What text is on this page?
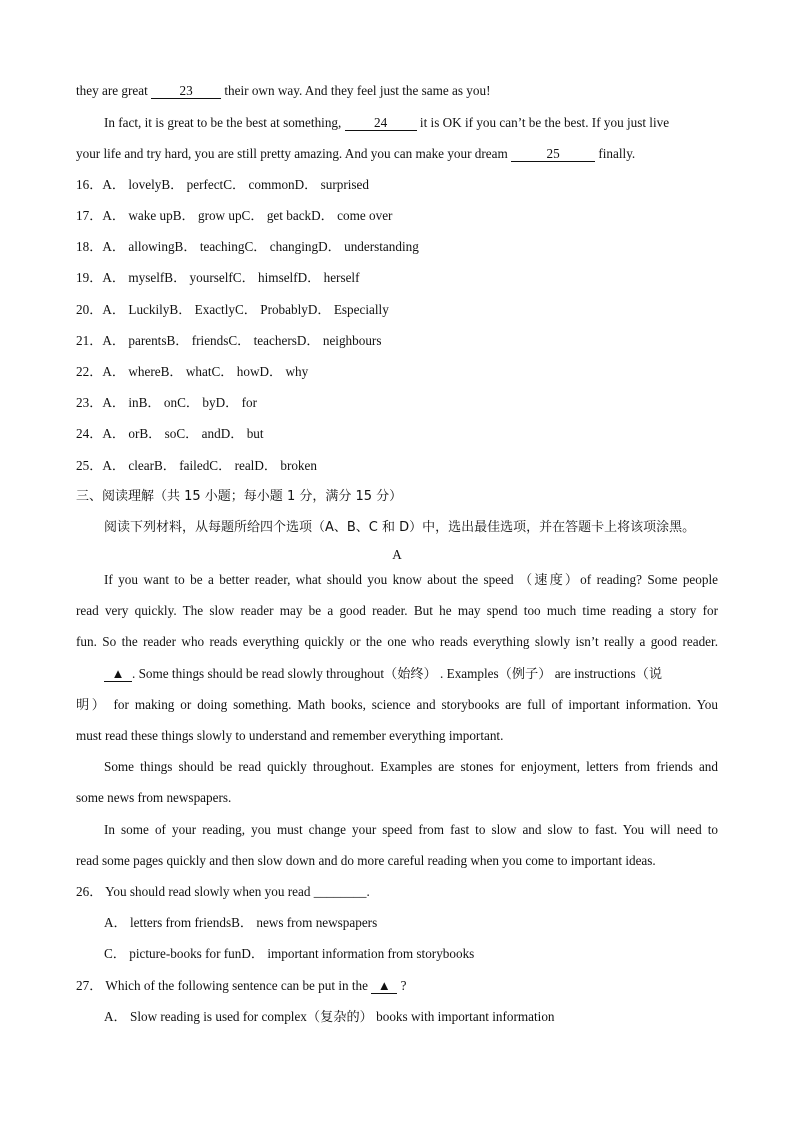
they are great 23 their own way. And they feel just the same as you!
In fact, it is great to be the best at something, 24 it is OK if you can’t be the best. If you just live
your life and try hard, you are still pretty amazing. And you can make your dream	25	finally.
16．A． lovelyB． perfectC． commonD． surprised
17．A． wake upB． grow upC． get backD． come over
18．A． allowingB． teachingC． changingD． understanding
19．A． myselfB． yourselfC． himselfD． herself
20．A． LuckilyB． ExactlyC． ProbablyD． Especially
21．A． parentsB． friendsC． teachersD． neighbours
22．A． whereB． whatC． howD． why
23．A． inB． onC． byD． for
24．A． orB． soC． andD． but
25．A． clearB． failedC． realD． broken
三、阅读理解（共 15 小题；每小题 1 分，满分 15 分）
阅读下列材料，从每题所给四个选项（A、B、C 和 D）中，选出最佳选项，并在答题卡上将该项涂黑。
A
If you want to be a better reader, what should you know about the speed （速度）of reading? Some people
read very quickly. The slow reader may be a good reader. But he may spend too much time reading a story for
fun. So the reader who reads everything quickly or the one who reads everything slowly isn’t really a good reader.
▲ . Some things should be read slowly throughout（始终） . Examples（例子） are instructions（说
明） for making or doing something. Math books, science and storybooks are full of important information. You
must read these things slowly to understand and remember everything important.
Some things should be read quickly throughout. Examples are stones for enjoyment, letters from friends and
some news from newspapers.
In some of your reading, you must change your speed from fast to slow and slow to fast. You will need to
read some pages quickly and then slow down and do more careful reading when you come to important ideas.
26． You should read slowly when you read ________.
A． letters from friendsB． news from newspapers
C． picture-books for funD． important information from storybooks
27． Which of the following sentence can be put in the ▲ ?
A． Slow reading is used for complex（复杂的） books with important information
